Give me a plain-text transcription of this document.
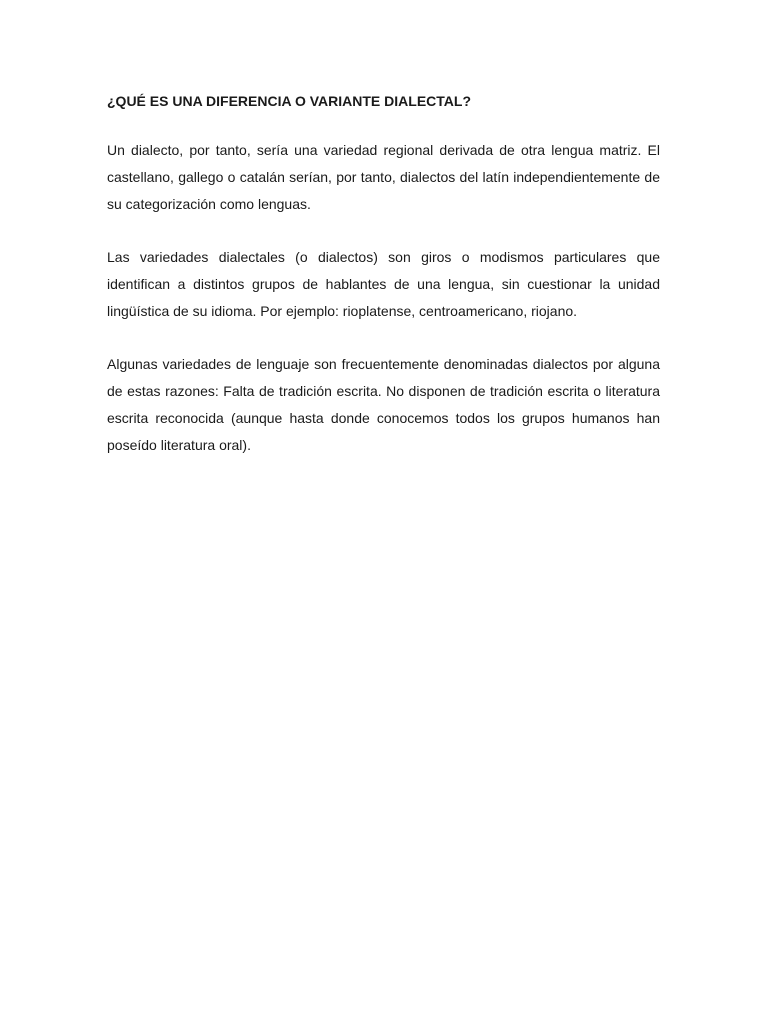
¿QUÉ ES UNA DIFERENCIA O VARIANTE DIALECTAL?

Un dialecto, por tanto, sería una variedad regional derivada de otra lengua matriz. El castellano, gallego o catalán serían, por tanto, dialectos del latín independientemente de su categorización como lenguas.

Las variedades dialectales (o dialectos) son giros o modismos particulares que identifican a distintos grupos de hablantes de una lengua, sin cuestionar la unidad lingüística de su idioma. Por ejemplo: rioplatense, centroamericano, riojano.

Algunas variedades de lenguaje son frecuentemente denominadas dialectos por alguna de estas razones: Falta de tradición escrita. No disponen de tradición escrita o literatura escrita reconocida (aunque hasta donde conocemos todos los grupos humanos han poseído literatura oral).
